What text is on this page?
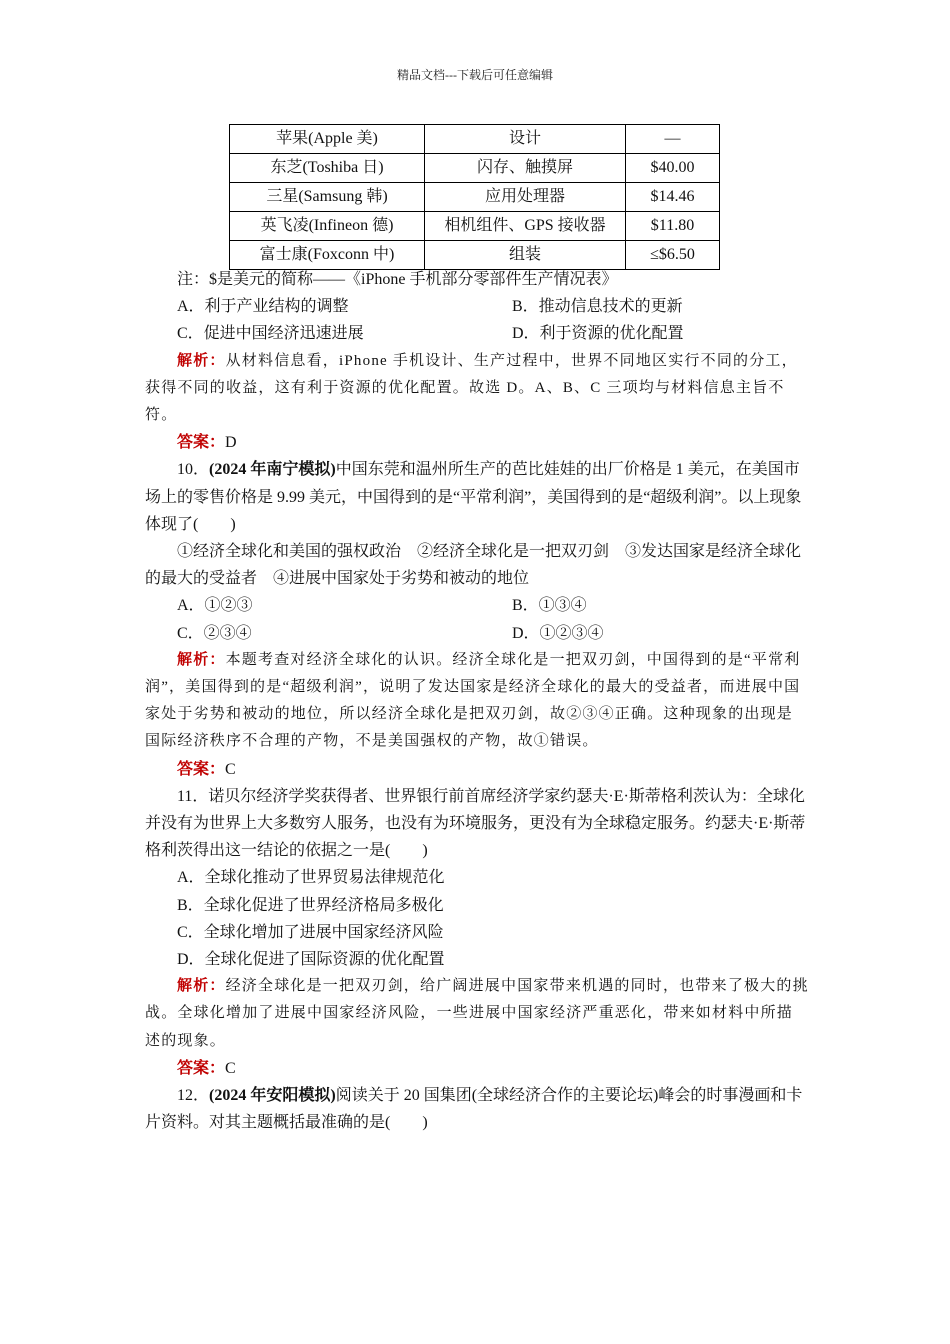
精品文档---下载后可任意编辑
苹果(Apple 美)	设计	—
东芝(Toshiba 日)	闪存、触摸屏	$40.00
三星(Samsung 韩)	应用处理器	$14.46
英飞凌(Infineon 德)	相机组件、GPS 接收器	$11.80
富士康(Foxconn 中)	组装	≤$6.50

注：$是美元的简称——《iPhone 手机部分零部件生产情况表》

A．利于产业结构的调整	B．推动信息技术的更新
C．促进中国经济迅速进展	D．利于资源的优化配置

解析：从材料信息看，iPhone 手机设计、生产过程中，世界不同地区实行不同的分工，获得不同的收益，这有利于资源的优化配置。故选 D。A、B、C 三项均与材料信息主旨不符。

答案：D

10．(2024 年南宁模拟)中国东莞和温州所生产的芭比娃娃的出厂价格是 1 美元，在美国市场上的零售价格是 9.99 美元，中国得到的是“平常利润”，美国得到的是“超级利润”。以上现象体现了(　　)

①经济全球化和美国的强权政治　②经济全球化是一把双刃剑　③发达国家是经济全球化的最大的受益者　④进展中国家处于劣势和被动的地位

A．①②③	B．①③④
C．②③④	D．①②③④

解析：本题考查对经济全球化的认识。经济全球化是一把双刃剑，中国得到的是“平常利润”，美国得到的是“超级利润”，说明了发达国家是经济全球化的最大的受益者，而进展中国家处于劣势和被动的地位，所以经济全球化是把双刃剑，故②③④正确。这种现象的出现是国际经济秩序不合理的产物，不是美国强权的产物，故①错误。

答案：C

11．诺贝尔经济学奖获得者、世界银行前首席经济学家约瑟夫·E·斯蒂格利茨认为：全球化并没有为世界上大多数穷人服务，也没有为环境服务，更没有为全球稳定服务。约瑟夫·E·斯蒂格利茨得出这一结论的依据之一是(　　)

A．全球化推动了世界贸易法律规范化

B．全球化促进了世界经济格局多极化

C．全球化增加了进展中国家经济风险

D．全球化促进了国际资源的优化配置

解析：经济全球化是一把双刃剑，给广阔进展中国家带来机遇的同时，也带来了极大的挑战。全球化增加了进展中国家经济风险，一些进展中国家经济严重恶化，带来如材料中所描述的现象。

答案：C

12．(2024 年安阳模拟)阅读关于 20 国集团(全球经济合作的主要论坛)峰会的时事漫画和卡片资料。对其主题概括最准确的是(　　)
